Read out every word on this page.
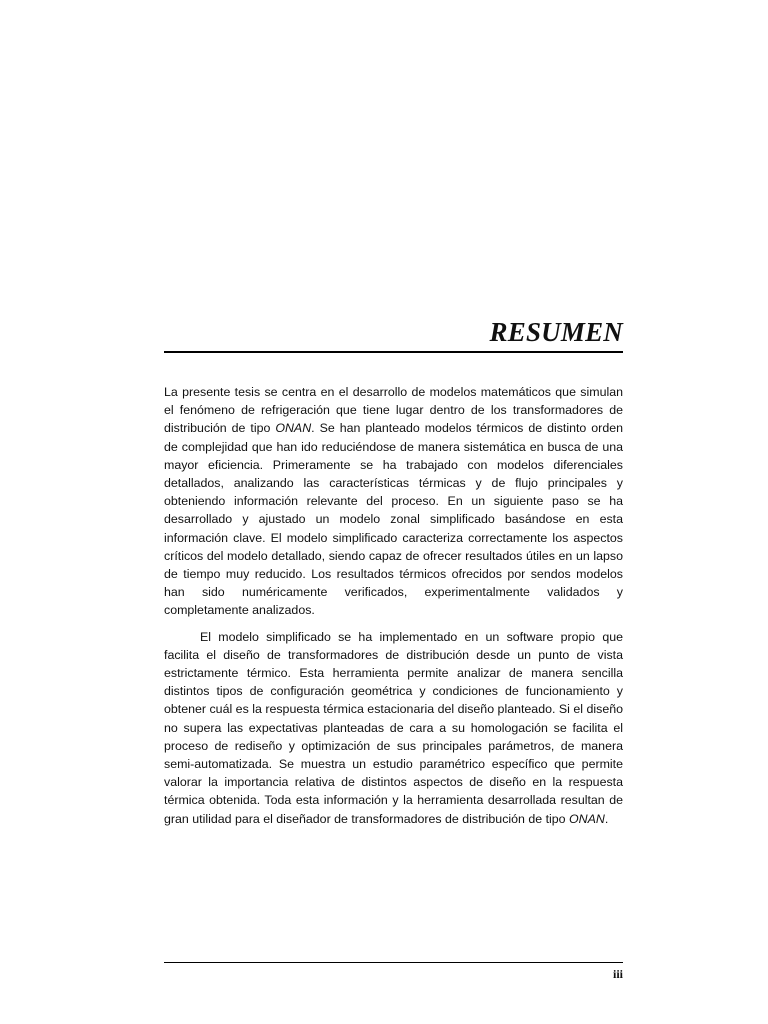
RESUMEN

La presente tesis se centra en el desarrollo de modelos matemáticos que simulan el fenómeno de refrigeración que tiene lugar dentro de los transformadores de distribución de tipo ONAN. Se han planteado modelos térmicos de distinto orden de complejidad que han ido reduciéndose de manera sistemática en busca de una mayor eficiencia. Primeramente se ha trabajado con modelos diferenciales detallados, analizando las características térmicas y de flujo principales y obteniendo información relevante del proceso. En un siguiente paso se ha desarrollado y ajustado un modelo zonal simplificado basándose en esta información clave. El modelo simplificado caracteriza correctamente los aspectos críticos del modelo detallado, siendo capaz de ofrecer resultados útiles en un lapso de tiempo muy reducido. Los resultados térmicos ofrecidos por sendos modelos han sido numéricamente verificados, experimentalmente validados y completamente analizados.

El modelo simplificado se ha implementado en un software propio que facilita el diseño de transformadores de distribución desde un punto de vista estrictamente térmico. Esta herramienta permite analizar de manera sencilla distintos tipos de configuración geométrica y condiciones de funcionamiento y obtener cuál es la respuesta térmica estacionaria del diseño planteado. Si el diseño no supera las expectativas planteadas de cara a su homologación se facilita el proceso de rediseño y optimización de sus principales parámetros, de manera semi-automatizada. Se muestra un estudio paramétrico específico que permite valorar la importancia relativa de distintos aspectos de diseño en la respuesta térmica obtenida. Toda esta información y la herramienta desarrollada resultan de gran utilidad para el diseñador de transformadores de distribución de tipo ONAN.

iii
